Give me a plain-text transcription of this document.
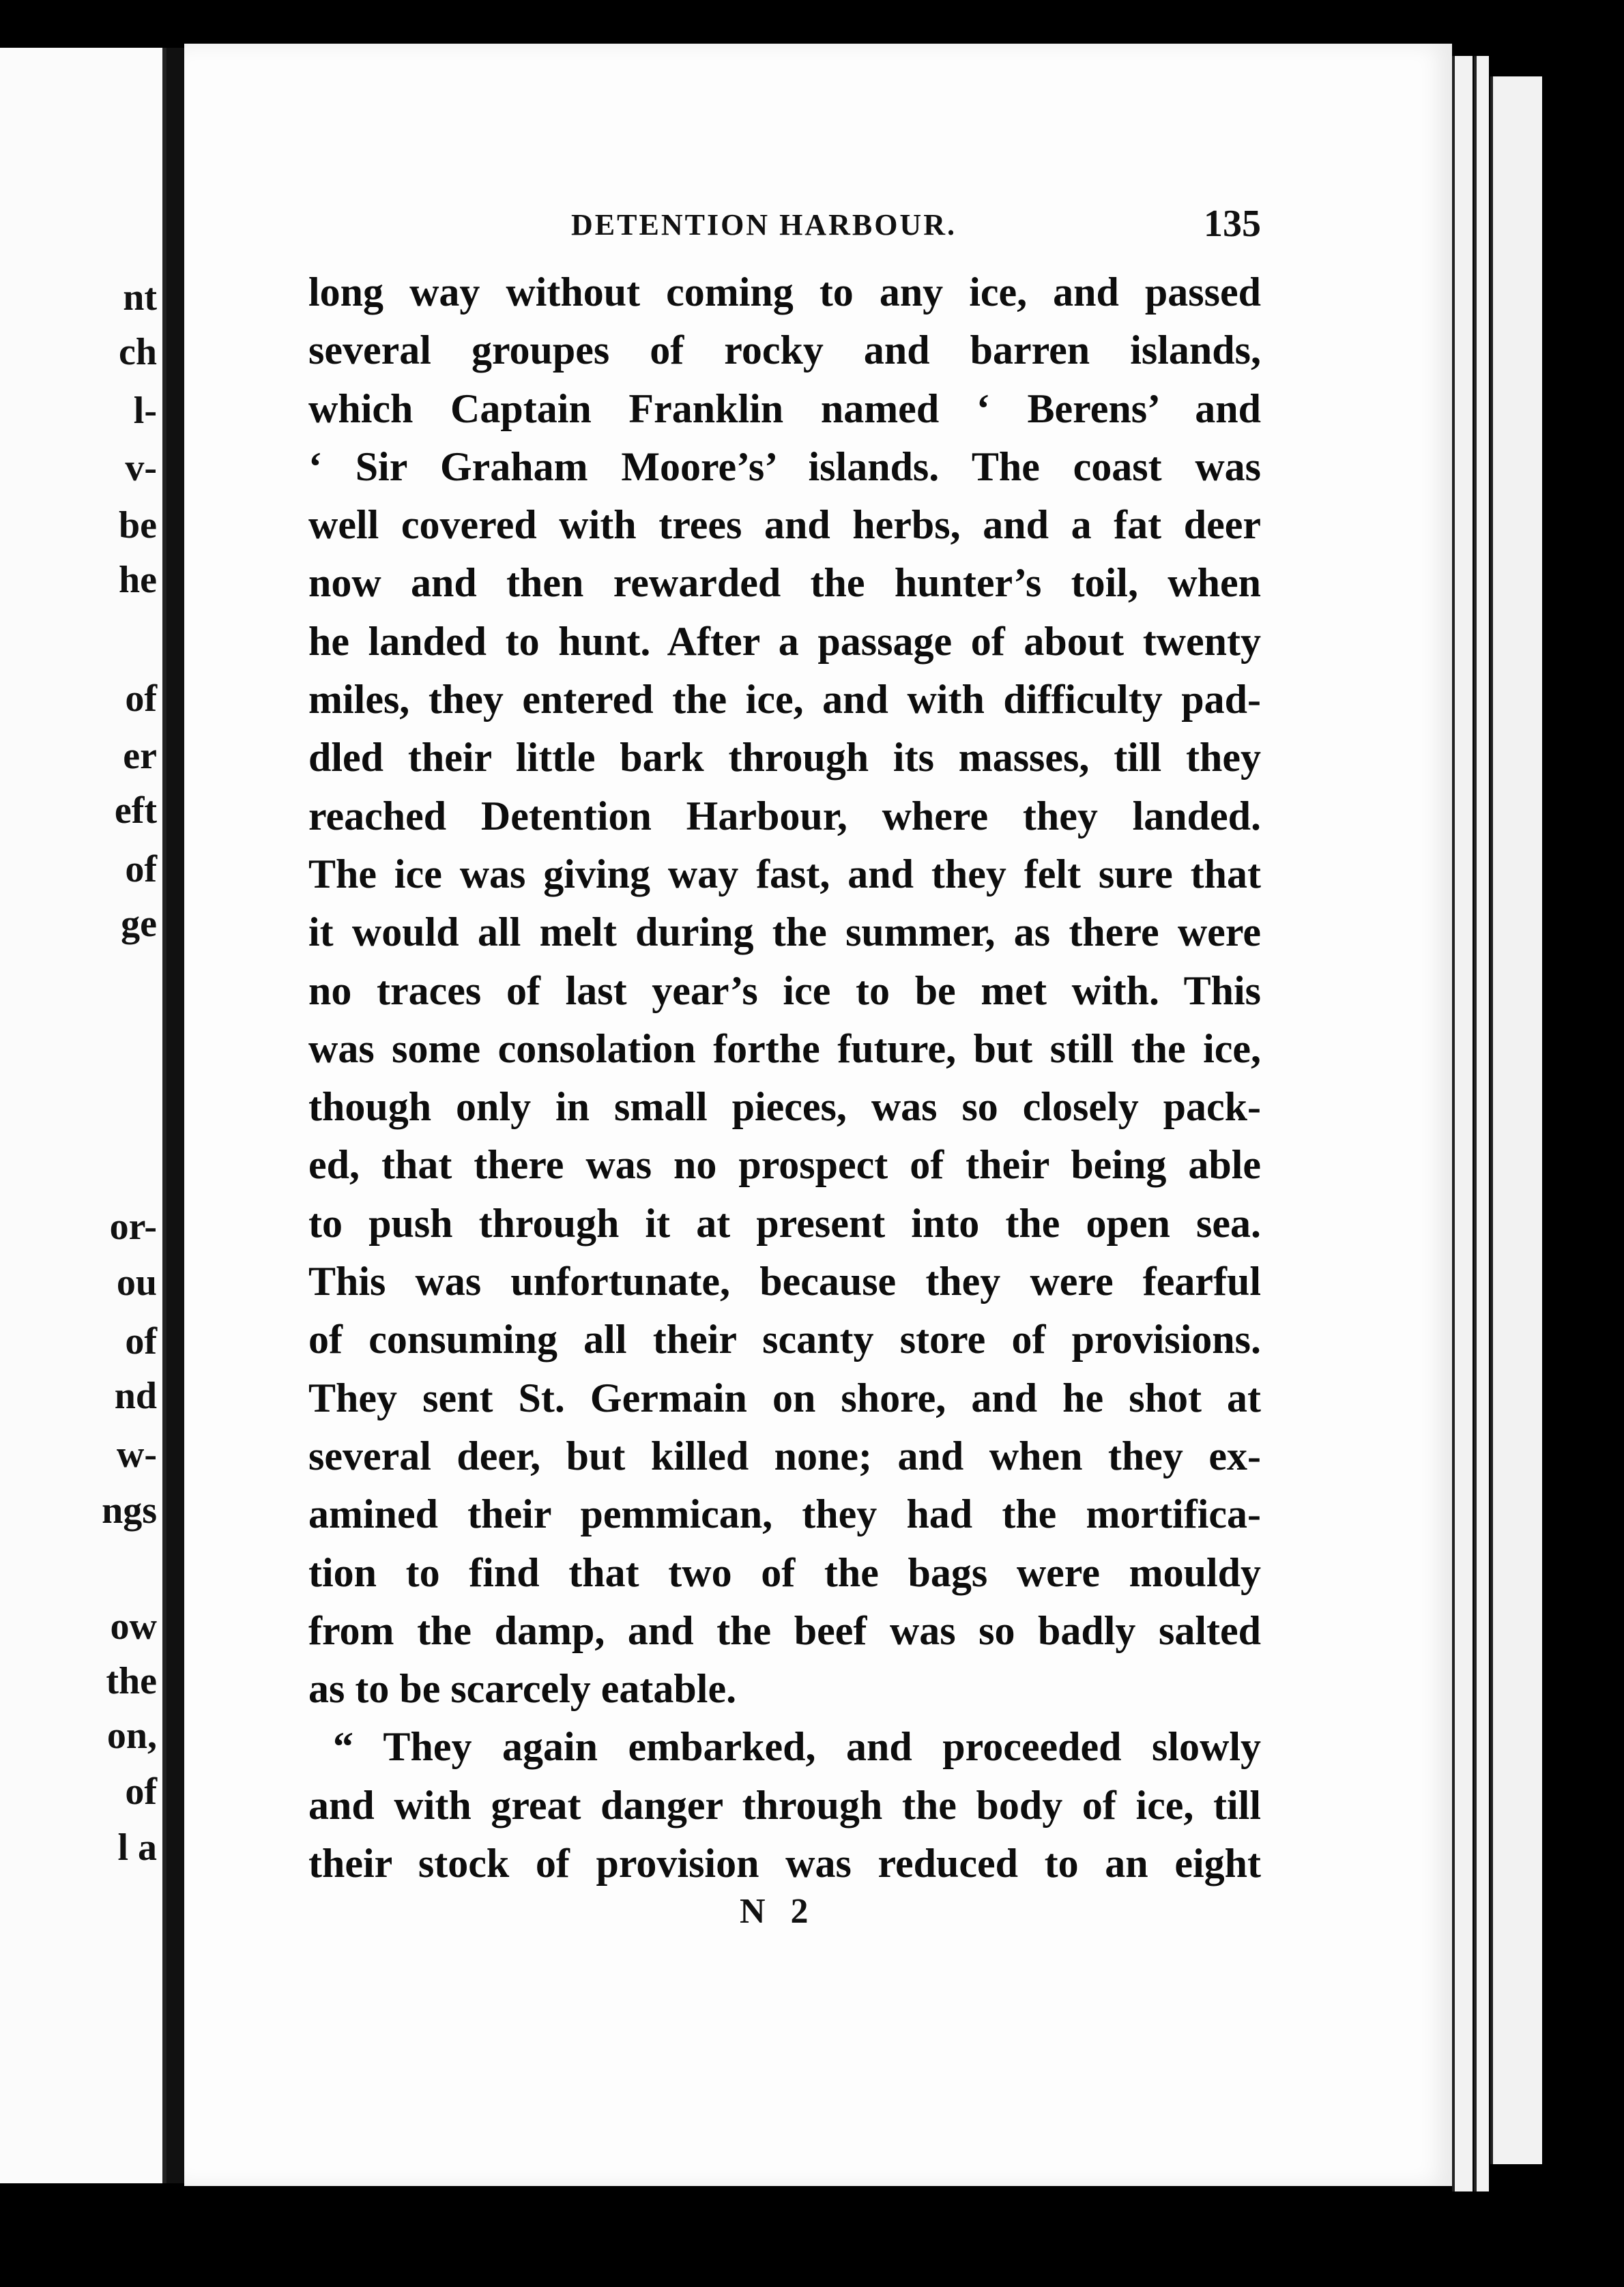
nt
ch
l-
v-
be
he
of
er
eft
of
ge
or-
ou
of
nd
w-
ngs
ow
the
on,
of
l a
DETENTION HARBOUR.	135
long way without coming to any ice, and passed
several groupes of rocky and barren islands,
which Captain Franklin named ‘ Berens’ and
‘ Sir Graham Moore’s’ islands. The coast was
well covered with trees and herbs, and a fat deer
now and then rewarded the hunter’s toil, when
he landed to hunt. After a passage of about twenty
miles, they entered the ice, and with difficulty pad-
dled their little bark through its masses, till they
reached Detention Harbour, where they landed.
The ice was giving way fast, and they felt sure that
it would all melt during the summer, as there were
no traces of last year’s ice to be met with. This
was some consolation forthe future, but still the ice,
though only in small pieces, was so closely pack-
ed, that there was no prospect of their being able
to push through it at present into the open sea.
This was unfortunate, because they were fearful
of consuming all their scanty store of provisions.
They sent St. Germain on shore, and he shot at
several deer, but killed none; and when they ex-
amined their pemmican, they had the mortifica-
tion to find that two of the bags were mouldy
from the damp, and the beef was so badly salted
as to be scarcely eatable.
“ They again embarked, and proceeded slowly
and with great danger through the body of ice, till
their stock of provision was reduced to an eight
N 2
